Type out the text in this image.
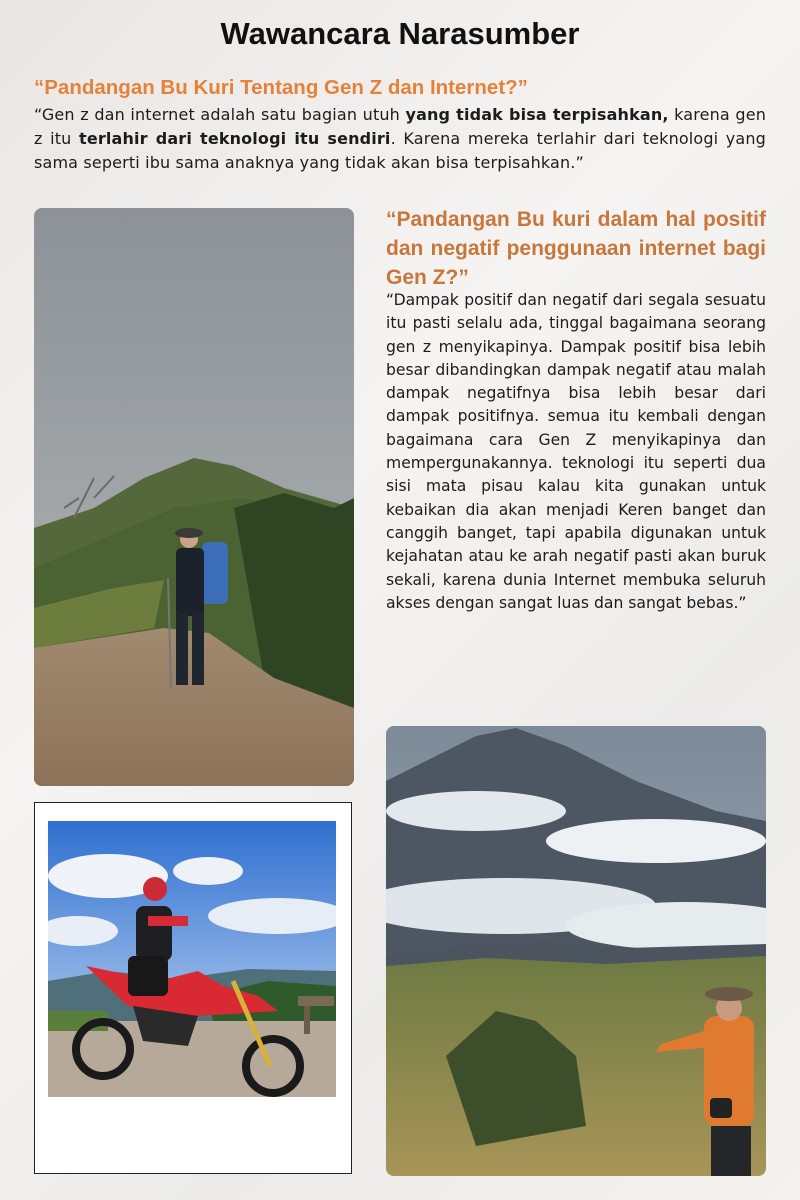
Wawancara Narasumber
“Pandangan Bu Kuri Tentang Gen Z dan Internet?”
“Gen z dan internet adalah satu bagian utuh yang tidak bisa terpisahkan, karena gen z itu terlahir dari teknologi itu sendiri. Karena mereka terlahir dari teknologi yang sama seperti ibu sama anaknya yang tidak akan bisa terpisahkan.”
“Pandangan Bu kuri dalam hal positif dan negatif penggunaan internet bagi Gen Z?”
“Dampak positif dan negatif dari segala sesuatu itu pasti selalu ada, tinggal bagaimana seorang gen z menyikapinya. Dampak positif bisa lebih besar dibandingkan dampak negatif atau malah dampak negatifnya bisa lebih besar dari dampak positifnya. semua itu kembali dengan bagaimana cara Gen Z menyikapinya dan mempergunakannya. teknologi itu seperti dua sisi mata pisau kalau kita gunakan untuk kebaikan dia akan menjadi Keren banget dan canggih banget, tapi apabila digunakan untuk kejahatan atau ke arah negatif pasti akan buruk sekali, karena dunia Internet membuka seluruh akses dengan sangat luas dan sangat bebas.”
